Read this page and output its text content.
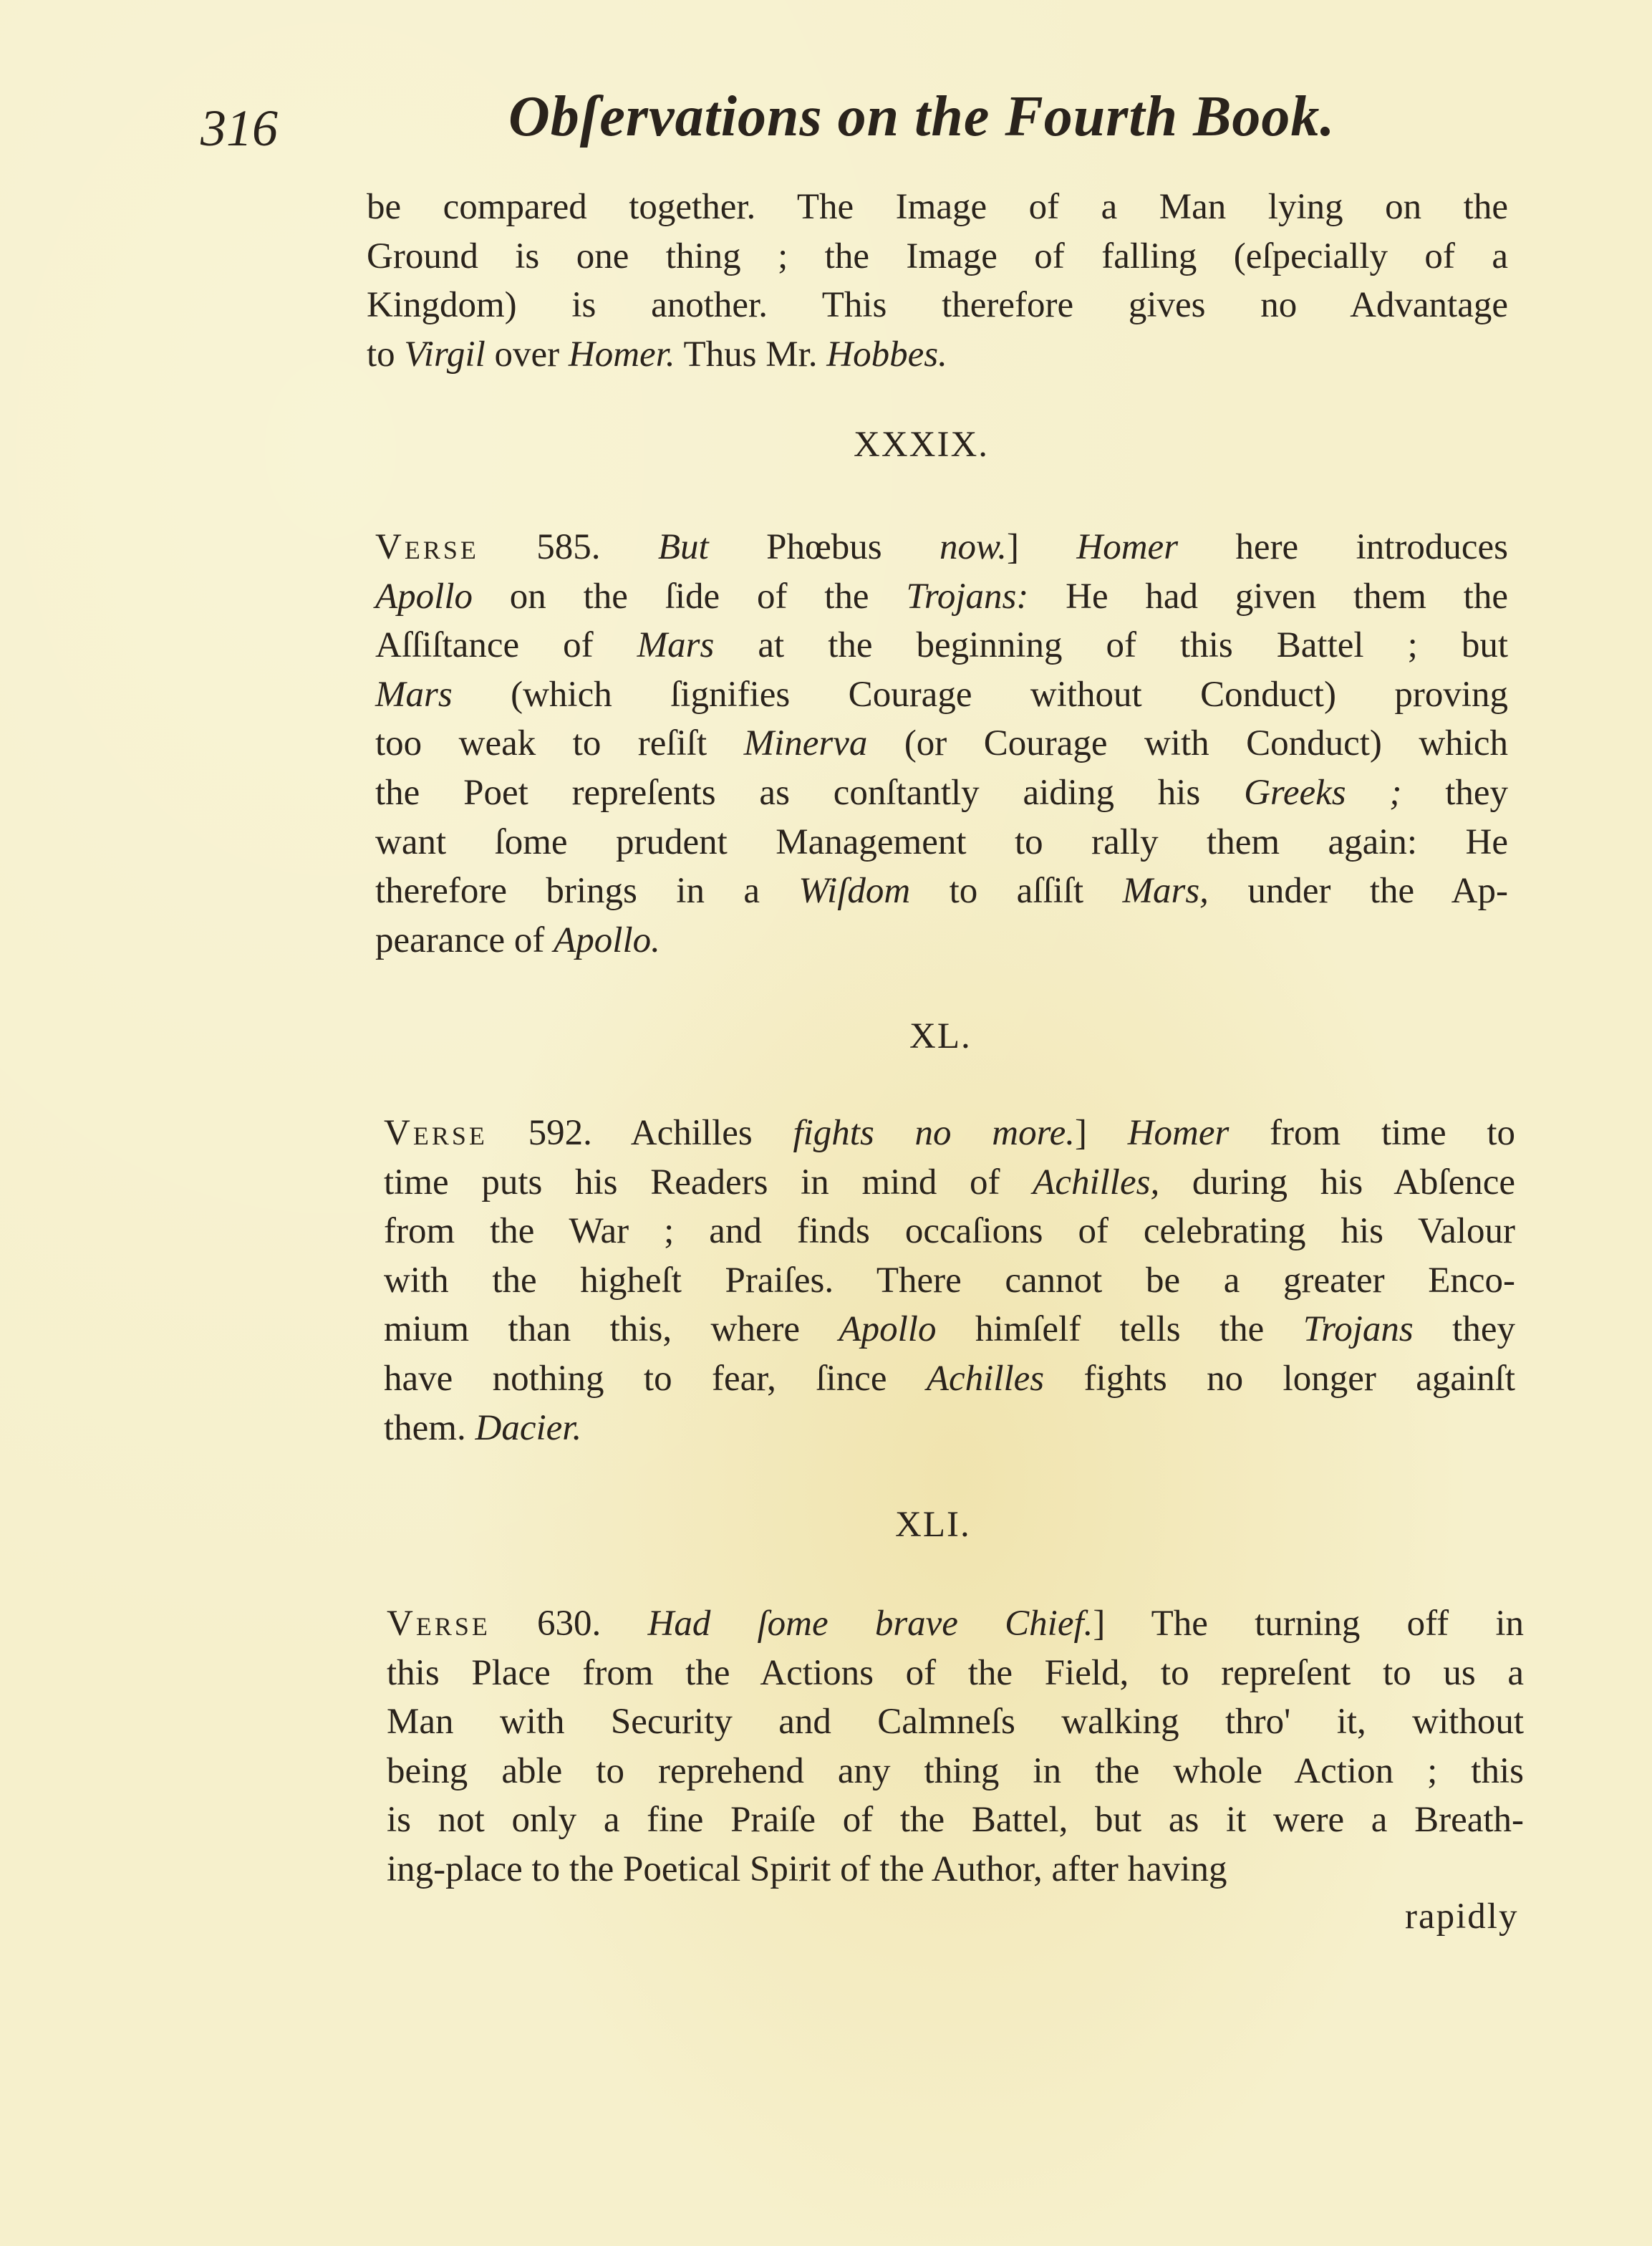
316	Obſervations on the Fourth Book.
be compared together. The Image of a Man lying on the
Ground is one thing ; the Image of falling (eſpecially of a
Kingdom) is another. This therefore gives no Advantage
to Virgil over Homer. Thus Mr. Hobbes.
XXXIX.
Verse 585. But Phœbus now.] Homer here introduces
Apollo on the ſide of the Trojans: He had given them the
Aſſiſtance of Mars at the beginning of this Battel ; but
Mars (which ſignifies Courage without Conduct) proving
too weak to reſiſt Minerva (or Courage with Conduct) which
the Poet repreſents as conſtantly aiding his Greeks ; they
want ſome prudent Management to rally them again: He
therefore brings in a Wiſdom to aſſiſt Mars, under the Ap-
pearance of Apollo.
XL.
Verse 592. Achilles fights no more.] Homer from time to
time puts his Readers in mind of Achilles, during his Abſence
from the War ; and finds occaſions of celebrating his Valour
with the higheſt Praiſes. There cannot be a greater Enco-
mium than this, where Apollo himſelf tells the Trojans they
have nothing to fear, ſince Achilles fights no longer againſt
them. Dacier.
XLI.
Verse 630. Had ſome brave Chief.] The turning off in
this Place from the Actions of the Field, to repreſent to us a
Man with Security and Calmneſs walking thro' it, without
being able to reprehend any thing in the whole Action ; this
is not only a fine Praiſe of the Battel, but as it were a Breath-
ing-place to the Poetical Spirit of the Author, after having
rapidly
